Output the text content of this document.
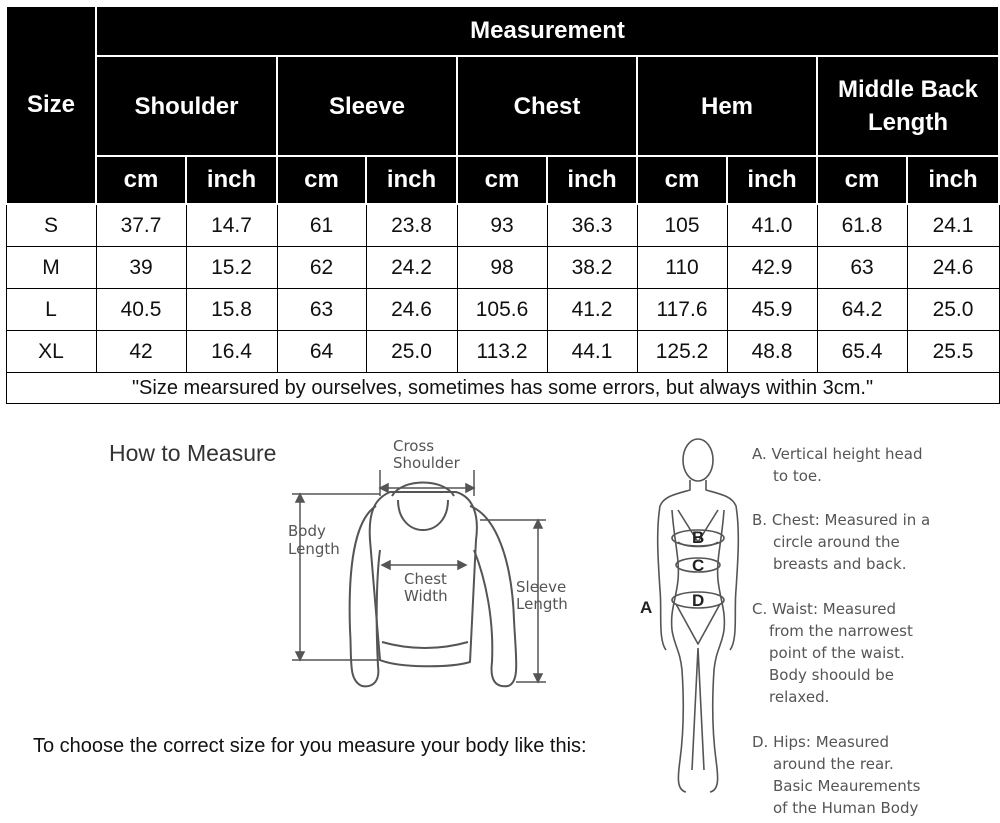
Size	Measurement									
	Shoulder		Sleeve		Chest		Hem		Middle Back Length	
	cm	inch	cm	inch	cm	inch	cm	inch	cm	inch
S	37.7	14.7	61	23.8	93	36.3	105	41.0	61.8	24.1
M	39	15.2	62	24.2	98	38.2	110	42.9	63	24.6
L	40.5	15.8	63	24.6	105.6	41.2	117.6	45.9	64.2	25.0
XL	42	16.4	64	25.0	113.2	44.1	125.2	48.8	65.4	25.5
"Size mearsured by ourselves, sometimes has some errors, but always within 3cm."										
How to Measure	Cross
Shoulder
Body
Length
Chest
Width	Sleeve
Length
To choose the correct size for you measure your body like this:
B
C
D
A
A. Vertical height head
to toe.
B. Chest: Measured in a
circle around the
breasts and back.
C. Waist: Measured
from the narrowest
point of the waist.
Body shoould be
relaxed.
D. Hips: Measured
around the rear.
Basic Meaurements
of the Human Body
